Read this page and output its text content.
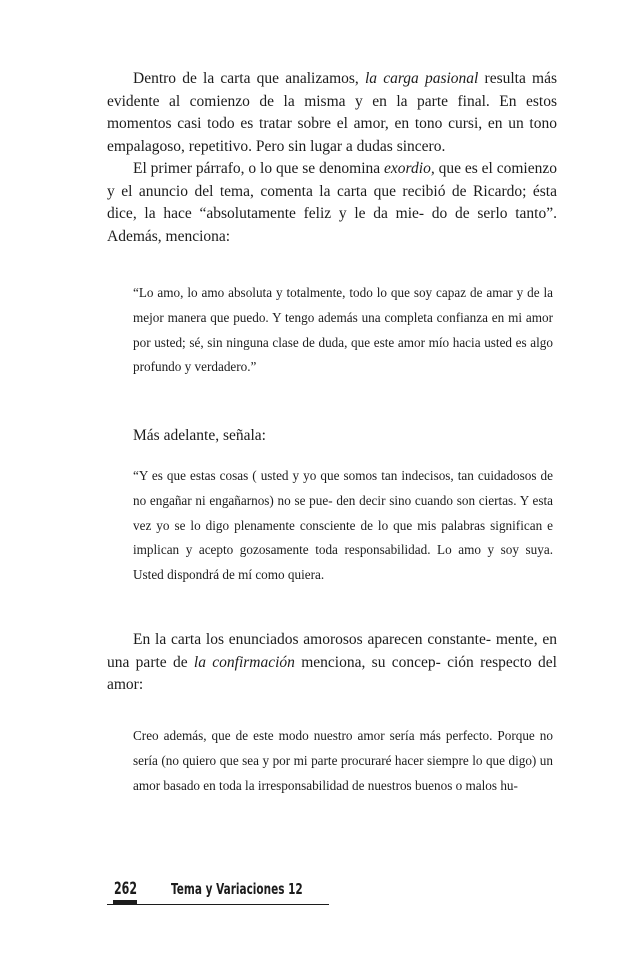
Dentro de la carta que analizamos, la carga pasional resulta más evidente al comienzo de la misma y en la parte final. En estos momentos casi todo es tratar sobre el amor, en tono cursi, en un tono empalagoso, repetitivo. Pero sin lugar a dudas sincero.

El primer párrafo, o lo que se denomina exordio, que es el comienzo y el anuncio del tema, comenta la carta que recibió de Ricardo; ésta dice, la hace “absolutamente feliz y le da mie- do de serlo tanto”. Además, menciona:

“Lo amo, lo amo absoluta y totalmente, todo lo que soy capaz de amar y de la mejor manera que puedo. Y tengo además una completa confianza en mi amor por usted; sé, sin ninguna clase de duda, que este amor mío hacia usted es algo profundo y verdadero.”

Más adelante, señala:

“Y es que estas cosas ( usted y yo que somos tan indecisos, tan cuidadosos de no engañar ni engañarnos) no se pue- den decir sino cuando son ciertas. Y esta vez yo se lo digo plenamente consciente de lo que mis palabras significan e implican y acepto gozosamente toda responsabilidad. Lo amo y soy suya. Usted dispondrá de mí como quiera.

En la carta los enunciados amorosos aparecen constante- mente, en una parte de la confirmación menciona, su concep- ción respecto del amor:

Creo además, que de este modo nuestro amor sería más perfecto. Porque no sería (no quiero que sea y por mi parte procuraré hacer siempre lo que digo) un amor basado en toda la irresponsabilidad de nuestros buenos o malos hu-

262 Tema y Variaciones 12
